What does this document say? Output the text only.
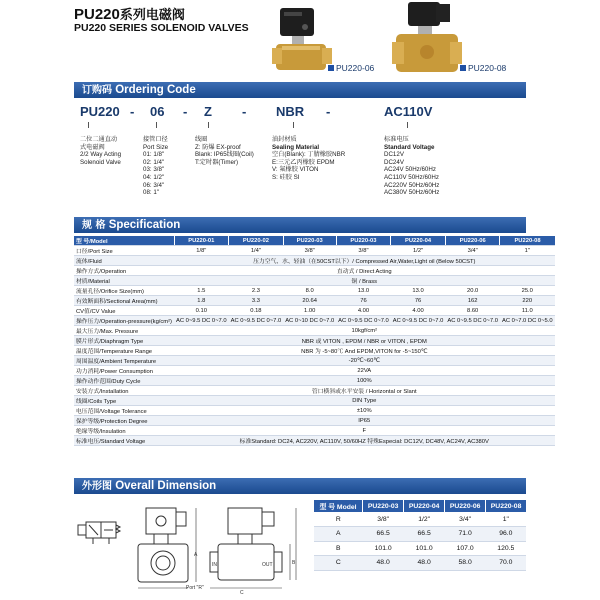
PU220系列电磁阀
PU220 SERIES SOLENOID VALVES
PU220-06	PU220-08
订购码 Ordering Code
PU220 - 06 - Z - NBR -	AC110V
二位二通直动
式电磁阀
2/2 Way Acting
Solenoid Valve
接管口径
Port Size
01: 1/8"
02: 1/4"
03: 3/8"
04: 1/2"
06: 3/4"
08: 1"
线圈
Z: 防爆 EX-proof
Blank: IP65线圈(Coil)
T:定时器(Timer)
油封材质
Sealing Material
空白(Blank): 丁腈橡胶NBR
E:三元乙丙橡胶 EPDM
V: 氟橡胶 VITON
S: 硅胶 SI
标准电压
Standard Voltage
DC12V
DC24V
AC24V 50Hz/60Hz
AC110V 50Hz/60Hz
AC220V 50Hz/60Hz
AC380V 50Hz/60Hz
规 格 Specification
型 号/Model	PU220-01	PU220-02	PU220-03	PU220-03	PU220-04	PU220-06	PU220-08
口径/Port Size	1/8"	1/4"	3/8"	3/8"	1/2"	3/4"	1"
流体/Fluid	压力空气、水、轻油（在50CST以下）/ Compressed Air,Water,Light oil (Below 50CST)						
操作方式/Operation	直动式 / Direct Acting						
材质/Material	铜 / Brass						
流量孔径/Orifice Size(mm)	1.5	2.3	8.0	13.0	13.0	20.0	25.0
有效断面积/Sectional Area(mm)	1.8	3.3	20.64	76	76	162	220
CV值/CV Value	0.10	0.18	1.00	4.00	4.00	8.60	11.0
操作压力/Operation-pressure(kg/cm²)	AC 0~9.5 DC 0~7.0	AC 0~9.5 DC 0~7.0	AC 0~10 DC 0~7.0	AC 0~9.5 DC 0~7.0	AC 0~9.5 DC 0~7.0	AC 0~9.5 DC 0~7.0	AC 0~7.0 DC 0~5.0
最大压力/Max. Pressure	10kgf/cm²						
膜片形式/Diaphragm Type	NBR 或 VITON , EPDM / NBR or VITON , EPDM						
温度范围/Temperature Range	NBR 为 -5~80℃ And EPDM,VITON for -5~150℃						
周围温度/Ambient Temperature	-20℃~60℃						
功力消耗/Power Consumption	22VA						
操作动作范围/Duty Cycle	100%						
安装方式/Installation	管口横斜或水平安装 / Horizontal or Slant						
线圈/Coils Type	DIN Type						
电压范围/Voltage Tolerance	±10%						
保护等级/Protection Degree	IP65						
绝缘等级/Insulation	F						
标准电压/Standard Voltage	标准Standard: DC24, AC220V, AC110V, 50/60HZ 特殊Especial: DC12V, DC48V, AC24V, AC380V						
外形图 Overall Dimension
Port "R"
A
IN	OUT	B
C
型 号 Model	PU220-03	PU220-04	PU220-06	PU220-08
R	3/8"	1/2"	3/4"	1"
A	66.5	66.5	71.0	96.0
B	101.0	101.0	107.0	120.5
C	48.0	48.0	58.0	70.0
